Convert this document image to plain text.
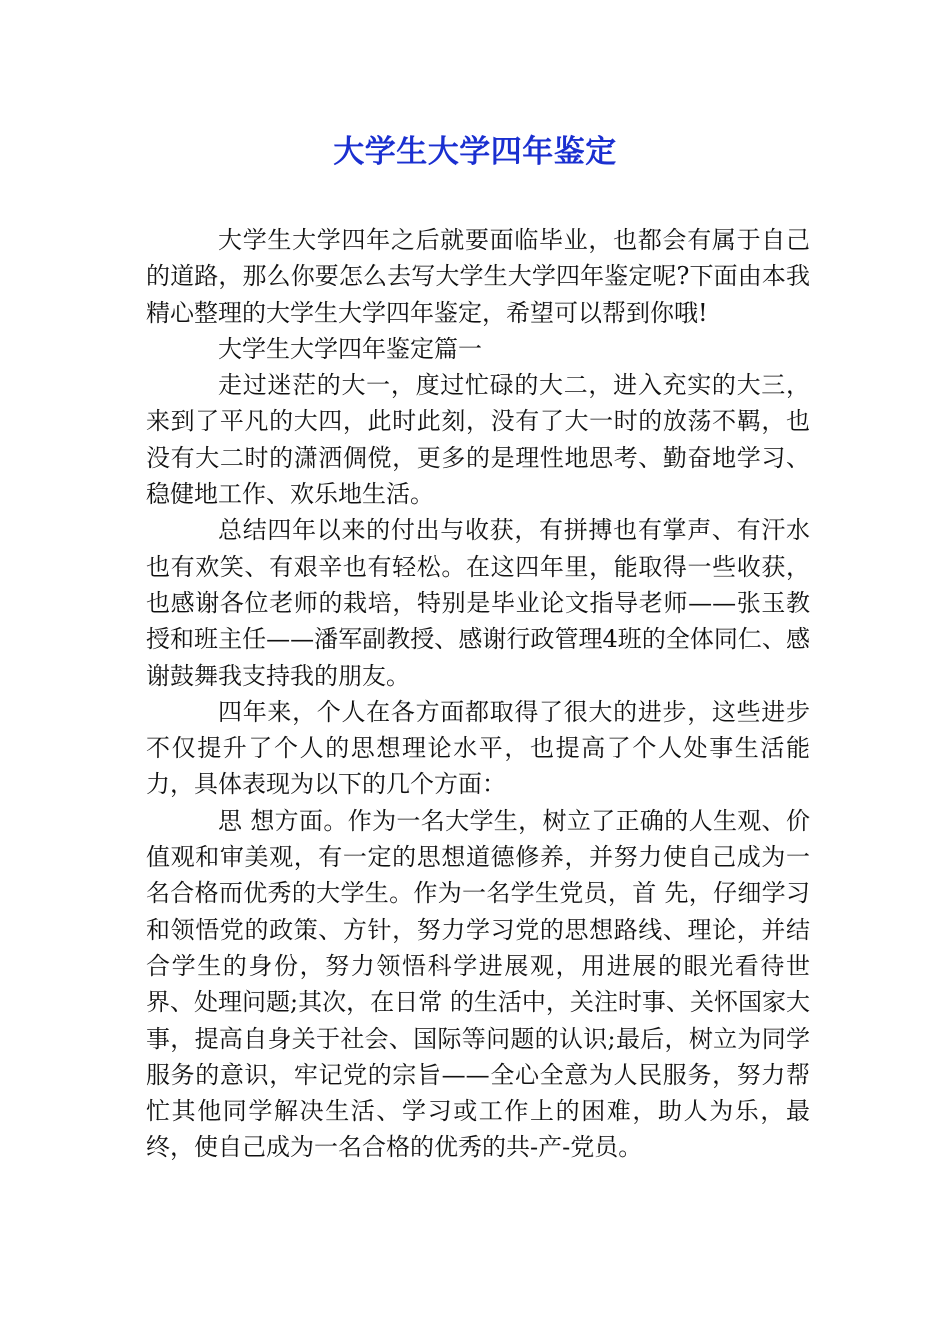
大学生大学四年鉴定

大学生大学四年之后就要面临毕业，也都会有属于自己的道路，那么你要怎么去写大学生大学四年鉴定呢?下面由本我精心整理的大学生大学四年鉴定，希望可以帮到你哦!

大学生大学四年鉴定篇一

走过迷茫的大一，度过忙碌的大二，进入充实的大三，来到了平凡的大四，此时此刻，没有了大一时的放荡不羁，也没有大二时的潇洒倜傥，更多的是理性地思考、勤奋地学习、稳健地工作、欢乐地生活。

总结四年以来的付出与收获，有拼搏也有掌声、有汗水也有欢笑、有艰辛也有轻松。在这四年里，能取得一些收获，也感谢各位老师的栽培，特别是毕业论文指导老师——张玉教授和班主任——潘军副教授、感谢行政管理4班的全体同仁、感谢鼓舞我支持我的朋友。

四年来，个人在各方面都取得了很大的进步，这些进步不仅提升了个人的思想理论水平，也提高了个人处事生活能力，具体表现为以下的几个方面：

思 想方面。作为一名大学生，树立了正确的人生观、价值观和审美观，有一定的思想道德修养，并努力使自己成为一名合格而优秀的大学生。作为一名学生党员，首 先，仔细学习和领悟党的政策、方针，努力学习党的思想路线、理论，并结合学生的身份，努力领悟科学进展观，用进展的眼光看待世界、处理问题;其次，在日常 的生活中，关注时事、关怀国家大事，提高自身关于社会、国际等问题的认识;最后，树立为同学服务的意识，牢记党的宗旨——全心全意为人民服务，努力帮忙其他同学解决生活、学习或工作上的困难，助人为乐，最终，使自己成为一名合格的优秀的共-产-党员。
